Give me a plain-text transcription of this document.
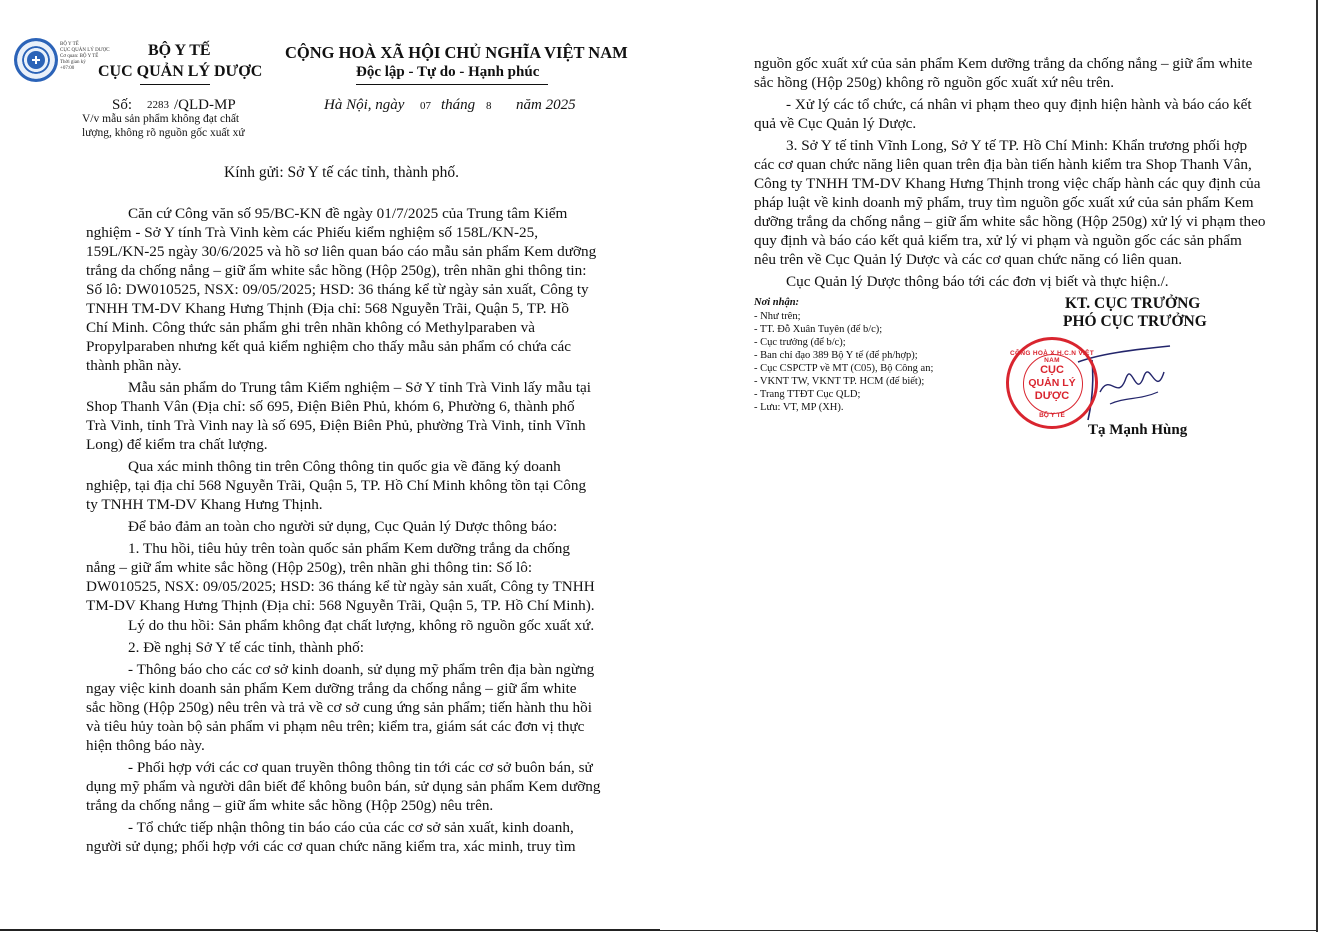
BỘ Y TẾ
CỤC QUẢN LÝ DƯỢC
Cơ quan: BỘ Y TẾ
Thời gian ký
+07:00
BỘ Y TẾ
CỤC QUẢN LÝ DƯỢC
CỘNG HOÀ XÃ HỘI CHỦ NGHĨA VIỆT NAM
Độc lập - Tự do - Hạnh phúc
Số: 2283 /QLD-MP
V/v mẫu sản phẩm không đạt chất
lượng, không rõ nguồn gốc xuất xứ
Hà Nội, ngày 07 tháng 8 năm 2025
Kính gửi: Sở Y tế các tỉnh, thành phố.
Căn cứ Công văn số 95/BC-KN đề ngày 01/7/2025 của Trung tâm Kiểm
nghiệm - Sở Y tính Trà Vinh kèm các Phiếu kiểm nghiệm số 158L/KN-25,
159L/KN-25 ngày 30/6/2025 và hồ sơ liên quan báo cáo mẫu sản phẩm Kem dưỡng
trắng da chống nắng – giữ ẩm white sắc hồng (Hộp 250g), trên nhãn ghi thông tin:
Số lô: DW010525, NSX: 09/05/2025; HSD: 36 tháng kể từ ngày sản xuất, Công ty
TNHH TM-DV Khang Hưng Thịnh (Địa chỉ: 568 Nguyễn Trãi, Quận 5, TP. Hồ
Chí Minh. Công thức sản phẩm ghi trên nhãn không có Methylparaben và
Propylparaben nhưng kết quả kiểm nghiệm cho thấy mẫu sản phẩm có chứa các
thành phần này.
Mẫu sản phẩm do Trung tâm Kiểm nghiệm – Sở Y tỉnh Trà Vinh lấy mẫu tại
Shop Thanh Vân (Địa chỉ: số 695, Điện Biên Phủ, khóm 6, Phường 6, thành phố
Trà Vinh, tỉnh Trà Vinh nay là số 695, Điện Biên Phủ, phường Trà Vinh, tỉnh Vĩnh
Long) để kiểm tra chất lượng.
Qua xác minh thông tin trên Công thông tin quốc gia về đăng ký doanh
nghiệp, tại địa chỉ 568 Nguyễn Trãi, Quận 5, TP. Hồ Chí Minh không tồn tại Công
ty TNHH TM-DV Khang Hưng Thịnh.
Để bảo đảm an toàn cho người sử dụng, Cục Quản lý Dược thông báo:
1. Thu hồi, tiêu hủy trên toàn quốc sản phẩm Kem dưỡng trắng da chống
nắng – giữ ẩm white sắc hồng (Hộp 250g), trên nhãn ghi thông tin: Số lô:
DW010525, NSX: 09/05/2025; HSD: 36 tháng kể từ ngày sản xuất, Công ty TNHH
TM-DV Khang Hưng Thịnh (Địa chỉ: 568 Nguyễn Trãi, Quận 5, TP. Hồ Chí Minh).
Lý do thu hồi: Sản phẩm không đạt chất lượng, không rõ nguồn gốc xuất xứ.
2. Đề nghị Sở Y tế các tỉnh, thành phố:
- Thông báo cho các cơ sở kinh doanh, sử dụng mỹ phẩm trên địa bàn ngừng
ngay việc kinh doanh sản phẩm Kem dưỡng trắng da chống nắng – giữ ẩm white
sắc hồng (Hộp 250g) nêu trên và trả về cơ sở cung ứng sản phẩm; tiến hành thu hồi
và tiêu hủy toàn bộ sản phẩm vi phạm nêu trên; kiểm tra, giám sát các đơn vị thực
hiện thông báo này.
- Phối hợp với các cơ quan truyền thông thông tin tới các cơ sở buôn bán, sử
dụng mỹ phẩm và người dân biết để không buôn bán, sử dụng sản phẩm Kem dưỡng
trắng da chống nắng – giữ ẩm white sắc hồng (Hộp 250g) nêu trên.
- Tổ chức tiếp nhận thông tin báo cáo của các cơ sở sản xuất, kinh doanh,
người sử dụng; phối hợp với các cơ quan chức năng kiểm tra, xác minh, truy tìm
nguồn gốc xuất xứ của sản phẩm Kem dưỡng trắng da chống nắng – giữ ẩm white
sắc hồng (Hộp 250g) không rõ nguồn gốc xuất xứ nêu trên.
- Xử lý các tổ chức, cá nhân vi phạm theo quy định hiện hành và báo cáo kết
quả về Cục Quản lý Dược.
3. Sở Y tế tỉnh Vĩnh Long, Sở Y tế TP. Hồ Chí Minh: Khẩn trương phối hợp
các cơ quan chức năng liên quan trên địa bàn tiến hành kiểm tra Shop Thanh Vân,
Công ty TNHH TM-DV Khang Hưng Thịnh trong việc chấp hành các quy định của
pháp luật về kinh doanh mỹ phẩm, truy tìm nguồn gốc xuất xứ của sản phẩm Kem
dưỡng trắng da chống nắng – giữ ẩm white sắc hồng (Hộp 250g) xử lý vi phạm theo
quy định và báo cáo kết quả kiểm tra, xử lý vi phạm và nguồn gốc các sản phẩm
nêu trên về Cục Quản lý Dược và các cơ quan chức năng có liên quan.
Cục Quản lý Dược thông báo tới các đơn vị biết và thực hiện./.
Nơi nhận:
- Như trên;
- TT. Đỗ Xuân Tuyên (để b/c);
- Cục trưởng (để b/c);
- Ban chỉ đạo 389 Bộ Y tế (để ph/hợp);
- Cục CSPCTP về MT (C05), Bộ Công an;
- VKNT TW, VKNT TP. HCM (để biết);
- Trang TTĐT Cục QLD;
- Lưu: VT, MP (XH).
KT. CỤC TRƯỞNG
PHÓ CỤC TRƯỞNG
Tạ Mạnh Hùng
CỘNG HOÀ X.H.C.N VIỆT NAM
CỤC
QUẢN LÝ
DƯỢC
BỘ Y TẾ
